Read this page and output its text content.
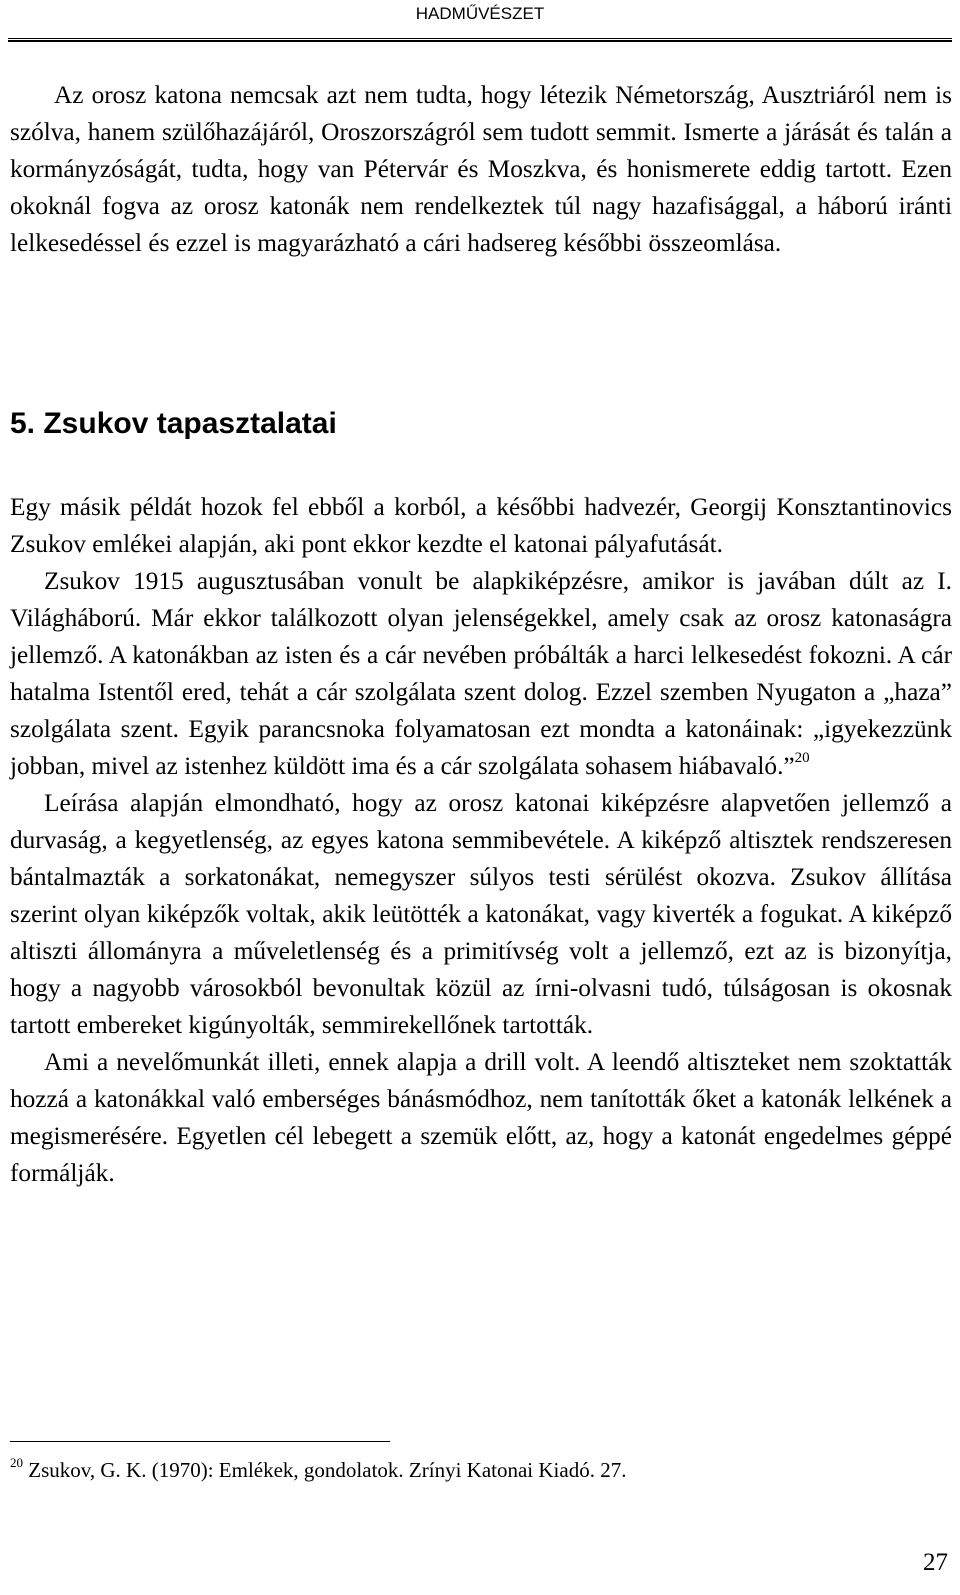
HADMŰVÉSZET

Az orosz katona nemcsak azt nem tudta, hogy létezik Németország, Ausztriáról nem is szólva, hanem szülőhazájáról, Oroszországról sem tudott semmit. Ismerte a járását és talán a kormányzóságát, tudta, hogy van Pétervár és Moszkva, és honismerete eddig tartott. Ezen okoknál fogva az orosz katonák nem rendelkeztek túl nagy hazafisággal, a háború iránti lelkesedéssel és ezzel is magyarázható a cári hadsereg későbbi összeomlása.

5. Zsukov tapasztalatai

Egy másik példát hozok fel ebből a korból, a későbbi hadvezér, Georgij Konsztantinovics Zsukov emlékei alapján, aki pont ekkor kezdte el katonai pályafutását.

Zsukov 1915 augusztusában vonult be alapkiképzésre, amikor is javában dúlt az I. Világháború. Már ekkor találkozott olyan jelenségekkel, amely csak az orosz katonaságra jellemző. A katonákban az isten és a cár nevében próbálták a harci lelkesedést fokozni. A cár hatalma Istentől ered, tehát a cár szolgálata szent dolog. Ezzel szemben Nyugaton a „haza” szolgálata szent. Egyik parancsnoka folyamatosan ezt mondta a katonáinak: „igyekezzünk jobban, mivel az istenhez küldött ima és a cár szolgálata sohasem hiábavaló.”$^{20}$

Leírása alapján elmondható, hogy az orosz katonai kiképzésre alapvetően jellemző a durvaság, a kegyetlenség, az egyes katona semmibevétele. A kiképző altisztek rendszeresen bántalmazták a sorkatonákat, nemegyszer súlyos testi sérülést okozva. Zsukov állítása szerint olyan kiképzők voltak, akik leütötték a katonákat, vagy kiverték a fogukat. A kiképző altiszti állományra a műveletlenség és a primitívség volt a jellemző, ezt az is bizonyítja, hogy a nagyobb városokból bevonultak közül az írni-olvasni tudó, túlságosan is okosnak tartott embereket kigúnyolták, semmirekellőnek tartották.

Ami a nevelőmunkát illeti, ennek alapja a drill volt. A leendő altiszteket nem szoktatták hozzá a katonákkal való emberséges bánásmódhoz, nem tanították őket a katonák lelkének a megismerésére. Egyetlen cél lebegett a szemük előtt, az, hogy a katonát engedelmes géppé formálják.

$^{20}$ Zsukov, G. K. (1970): Emlékek, gondolatok. Zrínyi Katonai Kiadó. 27.
27
